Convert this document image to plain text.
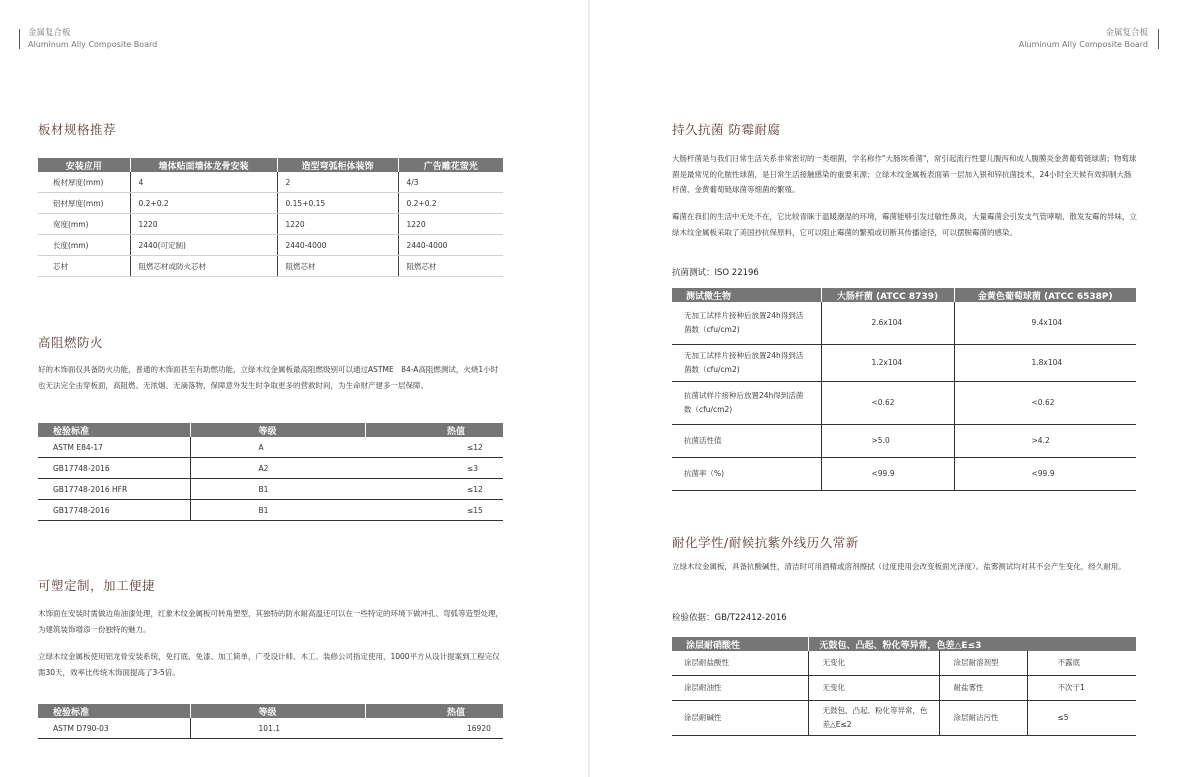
金属复合板
Aluminum Ally Composite Board
板材规格推荐
安装应用	墙体贴面墙体龙骨安装	造型弯弧柜体装饰	广告雕花萤光
板材厚度(mm)	4	2	4/3
铝材厚度(mm)	0.2+0.2	0.15+0.15	0.2+0.2
宽度(mm)	1220	1220	1220
长度(mm)	2440(可定制)	2440-4000	2440-4000
芯材	阻燃芯材或防火芯材	阻燃芯材	阻燃芯材
高阻燃防火
好的木饰面仅具备防火功能，普通的木饰面甚至有助燃功能，立绿木纹金属板最高阻燃级别可以通过ASTME　84-A高阻燃测试，火烧1小时也无法完全击穿板面，高阻燃、无浓烟、无滴落物，保障意外发生时争取更多的营救时间，为生命财产建多一层保障。
检验标准	等级	热值
ASTM E84-17	A	≤12
GB17748-2016	A2	≤3
GB17748-2016 HFR	B1	≤12
GB17748-2016	B1	≤15
可塑定制，加工便捷
木饰面在安装时需做边角油漆处理，红象木纹金属板可转角塑型，其独特的防水耐高温还可以在一些特定的环境下做冲孔、弯弧等造型处理，为建筑装饰增添一份独特的魅力。
立绿木纹金属板使用铝龙骨安装系统，免打底、免漆、加工简单，广受设计师、木工、装修公司指定使用，1000平方从设计提案到工程完仅需30天，效率比传统木饰面提高了3-5倍。
检验标准	等级	热值
ASTM D790-03	101.1	16920
金属复合板
Aluminum Ally Composite Board
持久抗菌 防霉耐腐
大肠杆菌是与我们日常生活关系非常密切的一类细菌，学名称作"大肠埃希菌"，常引起流行性婴儿腹泻和成人腹膜炎金黄葡萄链球菌；物萄球菌是最常见的化脓性球菌，是日常生活接触感染的重要来源；立绿木纹金属板表面第一层加入银和锌抗菌技术，24小时全天候有效抑制大肠杆菌、金黄葡萄链球菌等细菌的繁殖。
霉菌在我们的生活中无处不在，它比较青睐于温暖潮湿的环境，霉菌能够引发过敏性鼻炎，大量霉菌会引发支气管哮喘，散发发霉的异味，立绿木纹金属板采取了美国抄抗保原料，它可以阻止霉菌的繁殖或切断其传播途径，可以摆脱霉菌的感染。
抗菌测试：ISO 22196
测试微生物	大肠杆菌 (ATCC 8739)	金黄色葡萄球菌 (ATCC 6538P)
无加工试样片接种后放置24h得到活菌数（cfu/cm2)	2.6x104	9.4x104
无加工试样片接种后放置24h得到活菌数（cfu/cm2)	1.2x104	1.8x104
抗菌试样片接种后放置24h得到活菌数（cfu/cm2)	<0.62	<0.62
抗菌活性值	>5.0	>4.2
抗菌率（%)	<99.9	<99.9
耐化学性/耐候抗紫外线历久常新
立绿木纹金属板，具备抗酸碱性，清洁时可用酒精或溶剂擦拭（过度使用会改变板面光泽度）。盐雾测试均对其不会产生变化，经久耐用。
检验依据：GB/T22412-2016
涂层耐硝酸性	无鼓包、凸起、粉化等异常，色差△E≤3		
涂层耐盐酸性	无变化	涂层耐溶剂型	不露底
涂层耐油性	无变化	耐盐雾性	不次于1
涂层耐碱性	无鼓包、凸起、粉化等异常，色差△E≤2	涂层耐沾污性	≤5
